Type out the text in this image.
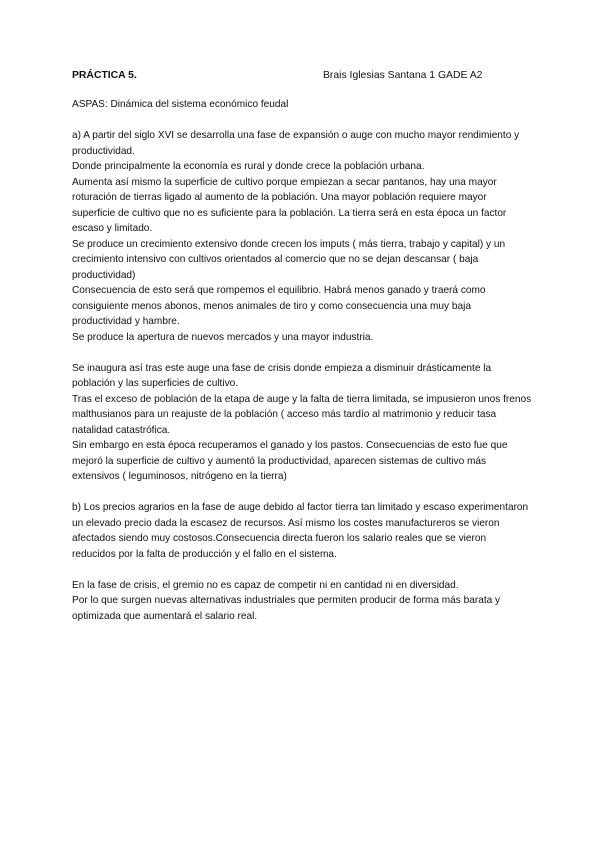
PRÁCTICA 5.	Brais Iglesias Santana 1 GADE A2

ASPAS: Dinámica del sistema económico feudal

a) A partir del siglo XVI se desarrolla una fase de expansión o auge con mucho mayor rendimiento y productividad.

Donde principalmente la economía es rural y donde crece la población urbana.

Aumenta así mismo la superficie de cultivo porque empiezan a secar pantanos, hay una mayor roturación de tierras ligado al aumento de la población. Una mayor población requiere mayor superficie de cultivo que no es suficiente para la población. La tierra será en esta época un factor escaso y limitado.

Se produce un crecimiento extensivo donde crecen los imputs ( más tierra, trabajo y capital) y un crecimiento intensivo con cultivos orientados al comercio que no se dejan descansar ( baja productividad)

Consecuencia de esto será que rompemos el equilibrio. Habrá menos ganado y traerá como consiguiente menos abonos, menos animales de tiro y como consecuencia una muy baja productividad y hambre.

Se produce la apertura de nuevos mercados y una mayor industria.

Se inaugura así tras este auge una fase de crisis donde empieza a disminuir drásticamente la población y las superficies de cultivo.

Tras el exceso de población de la etapa de auge y la falta de tierra limitada, se impusieron unos frenos malthusianos para un reajuste de la población ( acceso más tardío al matrimonio y reducir tasa natalidad catastrófica.

Sin embargo en esta época recuperamos el ganado y los pastos. Consecuencias de esto fue que mejoró la superficie de cultivo y aumentó la productividad, aparecen sistemas de cultivo más extensivos ( leguminosos, nitrógeno en la tierra)

b) Los precios agrarios en la fase de auge debido al factor tierra tan limitado y escaso experimentaron un elevado precio dada la escasez de recursos. Así mismo los costes manufactureros se vieron afectados siendo muy costosos.Consecuencia directa fueron los salario reales que se vieron reducidos por la falta de producción y el fallo en el sistema.

En la fase de crisis, el gremio no es capaz de competir ni en cantidad ni en diversidad.

Por lo que surgen nuevas alternativas industriales que permiten producir de forma más barata y optimizada que aumentará el salario real.
